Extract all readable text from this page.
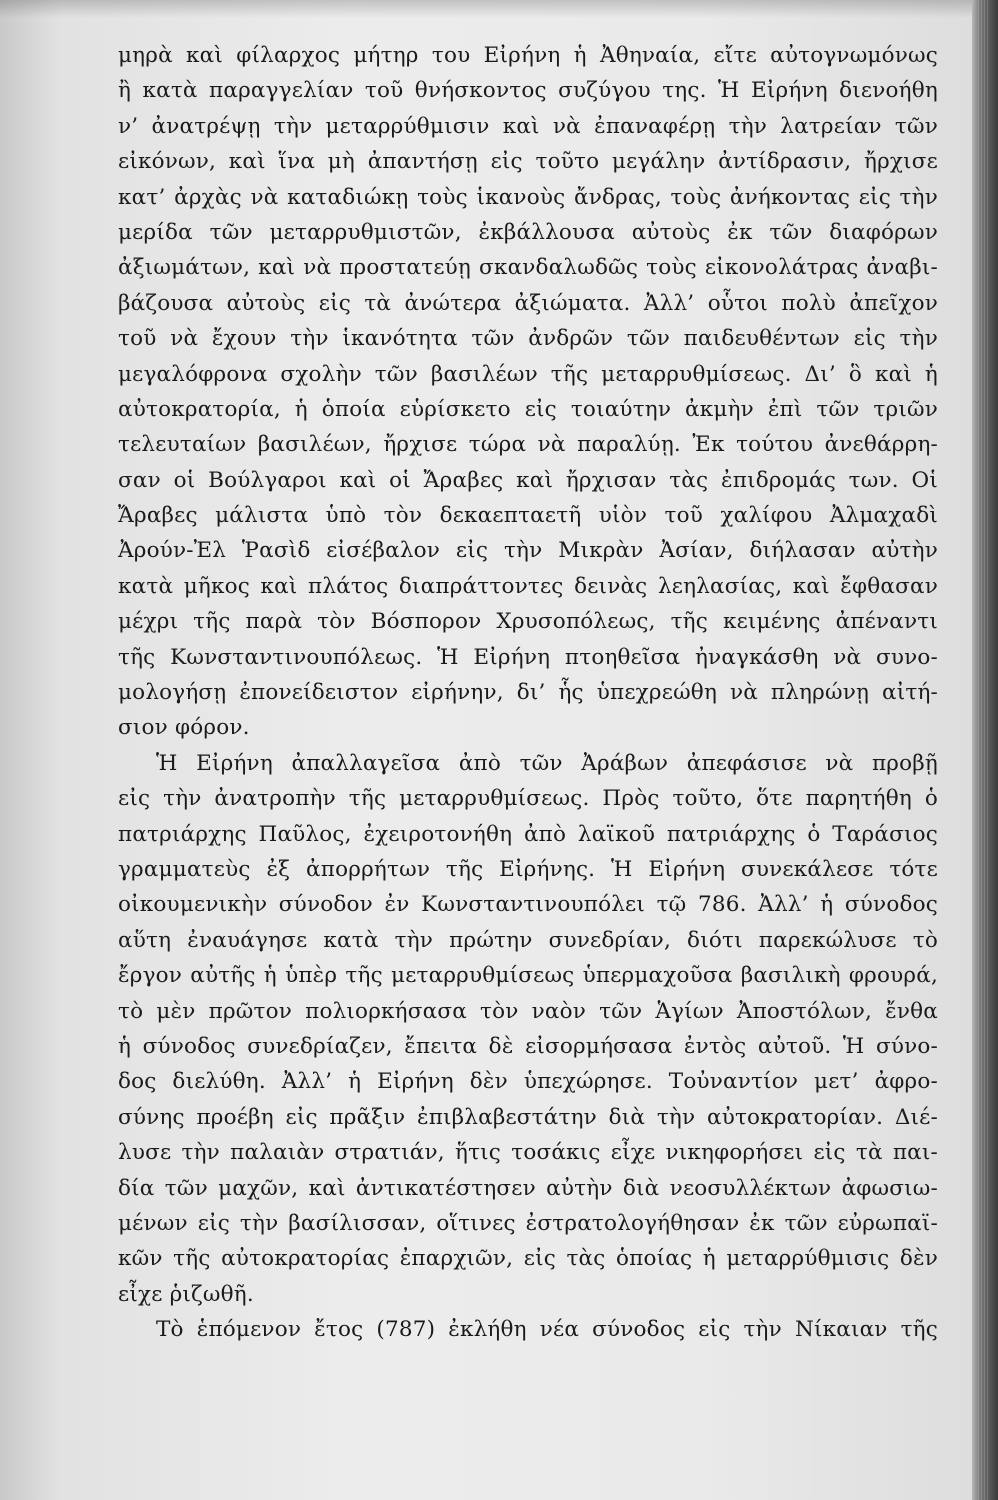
μηρὰ καὶ φίλαρχος μήτηρ του Εἰρήνη ἡ Ἀθηναία, εἴτε αὐτογνωμόνως
ἢ κατὰ παραγγελίαν τοῦ θνήσκοντος συζύγου της. Ἡ Εἰρήνη διενοήθη
ν’ ἀνατρέψῃ τὴν μεταρρύθμισιν καὶ νὰ ἐπαναφέρῃ τὴν λατρείαν τῶν
εἰκόνων, καὶ ἵνα μὴ ἀπαντήσῃ εἰς τοῦτο μεγάλην ἀντίδρασιν, ἤρχισε
κατ’ ἀρχὰς νὰ καταδιώκῃ τοὺς ἱκανοὺς ἄνδρας, τοὺς ἀνήκοντας εἰς τὴν
μερίδα τῶν μεταρρυθμιστῶν, ἐκβάλλουσα αὐτοὺς ἐκ τῶν διαφόρων
ἀξιωμάτων, καὶ νὰ προστατεύῃ σκανδαλωδῶς τοὺς εἰκονολάτρας ἀναβι-
βάζουσα αὐτοὺς εἰς τὰ ἀνώτερα ἀξιώματα. Ἀλλ’ οὗτοι πολὺ ἀπεῖχον
τοῦ νὰ ἔχουν τὴν ἱκανότητα τῶν ἀνδρῶν τῶν παιδευθέντων εἰς τὴν
μεγαλόφρονα σχολὴν τῶν βασιλέων τῆς μεταρρυθμίσεως. Δι’ ὃ καὶ ἡ
αὐτοκρατορία, ἡ ὁποία εὑρίσκετο εἰς τοιαύτην ἀκμὴν ἐπὶ τῶν τριῶν
τελευταίων βασιλέων, ἤρχισε τώρα νὰ παραλύῃ. Ἐκ τούτου ἀνεθάρρη-
σαν οἱ Βούλγαροι καὶ οἱ Ἄραβες καὶ ἤρχισαν τὰς ἐπιδρομάς των. Οἱ
Ἄραβες μάλιστα ὑπὸ τὸν δεκαεπταετῆ υἱὸν τοῦ χαλίφου Ἀλμαχαδὶ
Ἀρούν-Ἐλ Ῥασὶδ εἰσέβαλον εἰς τὴν Μικρὰν Ἀσίαν, διήλασαν αὐτὴν
κατὰ μῆκος καὶ πλάτος διαπράττοντες δεινὰς λεηλασίας, καὶ ἔφθασαν
μέχρι τῆς παρὰ τὸν Βόσπορον Χρυσοπόλεως, τῆς κειμένης ἀπέναντι
τῆς Κωνσταντινουπόλεως. Ἡ Εἰρήνη πτοηθεῖσα ἠναγκάσθη νὰ συνο-
μολογήσῃ ἐπονείδειστον εἰρήνην, δι’ ἧς ὑπεχρεώθη νὰ πληρώνῃ αἰτή-
σιον φόρον.
Ἡ Εἰρήνη ἀπαλλαγεῖσα ἀπὸ τῶν Ἀράβων ἀπεφάσισε νὰ προβῇ
εἰς τὴν ἀνατροπὴν τῆς μεταρρυθμίσεως. Πρὸς τοῦτο, ὅτε παρητήθη ὁ
πατριάρχης Παῦλος, ἐχειροτονήθη ἀπὸ λαϊκοῦ πατριάρχης ὁ Ταράσιος
γραμματεὺς ἐξ ἀπορρήτων τῆς Εἰρήνης. Ἡ Εἰρήνη συνεκάλεσε τότε
οἰκουμενικὴν σύνοδον ἐν Κωνσταντινουπόλει τῷ 786. Ἀλλ’ ἡ σύνοδος
αὕτη ἐναυάγησε κατὰ τὴν πρώτην συνεδρίαν, διότι παρεκώλυσε τὸ
ἔργον αὐτῆς ἡ ὑπὲρ τῆς μεταρρυθμίσεως ὑπερμαχοῦσα βασιλικὴ φρουρά,
τὸ μὲν πρῶτον πολιορκήσασα τὸν ναὸν τῶν Ἁγίων Ἀποστόλων, ἔνθα
ἡ σύνοδος συνεδρίαζεν, ἔπειτα δὲ εἰσορμήσασα ἐντὸς αὐτοῦ. Ἡ σύνο-
δος διελύθη. Ἀλλ’ ἡ Εἰρήνη δὲν ὑπεχώρησε. Τοὐναντίον μετ’ ἀφρο-
σύνης προέβη εἰς πρᾶξιν ἐπιβλαβεστάτην διὰ τὴν αὐτοκρατορίαν. Διέ-
λυσε τὴν παλαιὰν στρατιάν, ἥτις τοσάκις εἶχε νικηφορήσει εἰς τὰ παι-
δία τῶν μαχῶν, καὶ ἀντικατέστησεν αὐτὴν διὰ νεοσυλλέκτων ἀφωσιω-
μένων εἰς τὴν βασίλισσαν, οἵτινες ἐστρατολογήθησαν ἐκ τῶν εὐρωπαϊ-
κῶν τῆς αὐτοκρατορίας ἐπαρχιῶν, εἰς τὰς ὁποίας ἡ μεταρρύθμισις δὲν
εἶχε ῥιζωθῆ.
Τὸ ἑπόμενον ἔτος (787) ἐκλήθη νέα σύνοδος εἰς τὴν Νίκαιαν τῆς
